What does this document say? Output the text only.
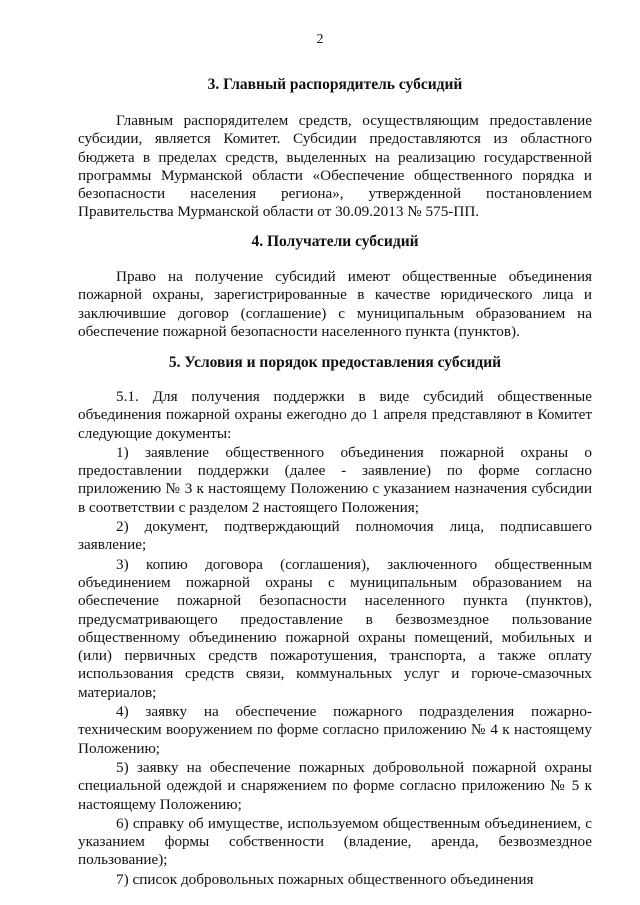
2
3. Главный распорядитель субсидий

Главным распорядителем средств, осуществляющим предоставление субсидии, является Комитет. Субсидии предоставляются из областного бюджета в пределах средств, выделенных на реализацию государственной программы Мурманской области «Обеспечение общественного порядка и безопасности населения региона», утвержденной постановлением Правительства Мурманской области от 30.09.2013 № 575-ПП.

4. Получатели субсидий

Право на получение субсидий имеют общественные объединения пожарной охраны, зарегистрированные в качестве юридического лица и заключившие договор (соглашение) с муниципальным образованием на обеспечение пожарной безопасности населенного пункта (пунктов).

5. Условия и порядок предоставления субсидий

5.1. Для получения поддержки в виде субсидий общественные объединения пожарной охраны ежегодно до 1 апреля представляют в Комитет следующие документы:

1) заявление общественного объединения пожарной охраны о предоставлении поддержки (далее - заявление) по форме согласно приложению № 3 к настоящему Положению с указанием назначения субсидии в соответствии с разделом 2 настоящего Положения;

2) документ, подтверждающий полномочия лица, подписавшего заявление;

3) копию договора (соглашения), заключенного общественным объединением пожарной охраны с муниципальным образованием на обеспечение пожарной безопасности населенного пункта (пунктов), предусматривающего предоставление в безвозмездное пользование общественному объединению пожарной охраны помещений, мобильных и (или) первичных средств пожаротушения, транспорта, а также оплату использования средств связи, коммунальных услуг и горюче-смазочных материалов;

4) заявку на обеспечение пожарного подразделения пожарно-техническим вооружением по форме согласно приложению № 4 к настоящему Положению;

5) заявку на обеспечение пожарных добровольной пожарной охраны специальной одеждой и снаряжением по форме согласно приложению № 5 к настоящему Положению;

6) справку об имуществе, используемом общественным объединением, с указанием формы собственности (владение, аренда, безвозмездное пользование);

7) список добровольных пожарных общественного объединения
